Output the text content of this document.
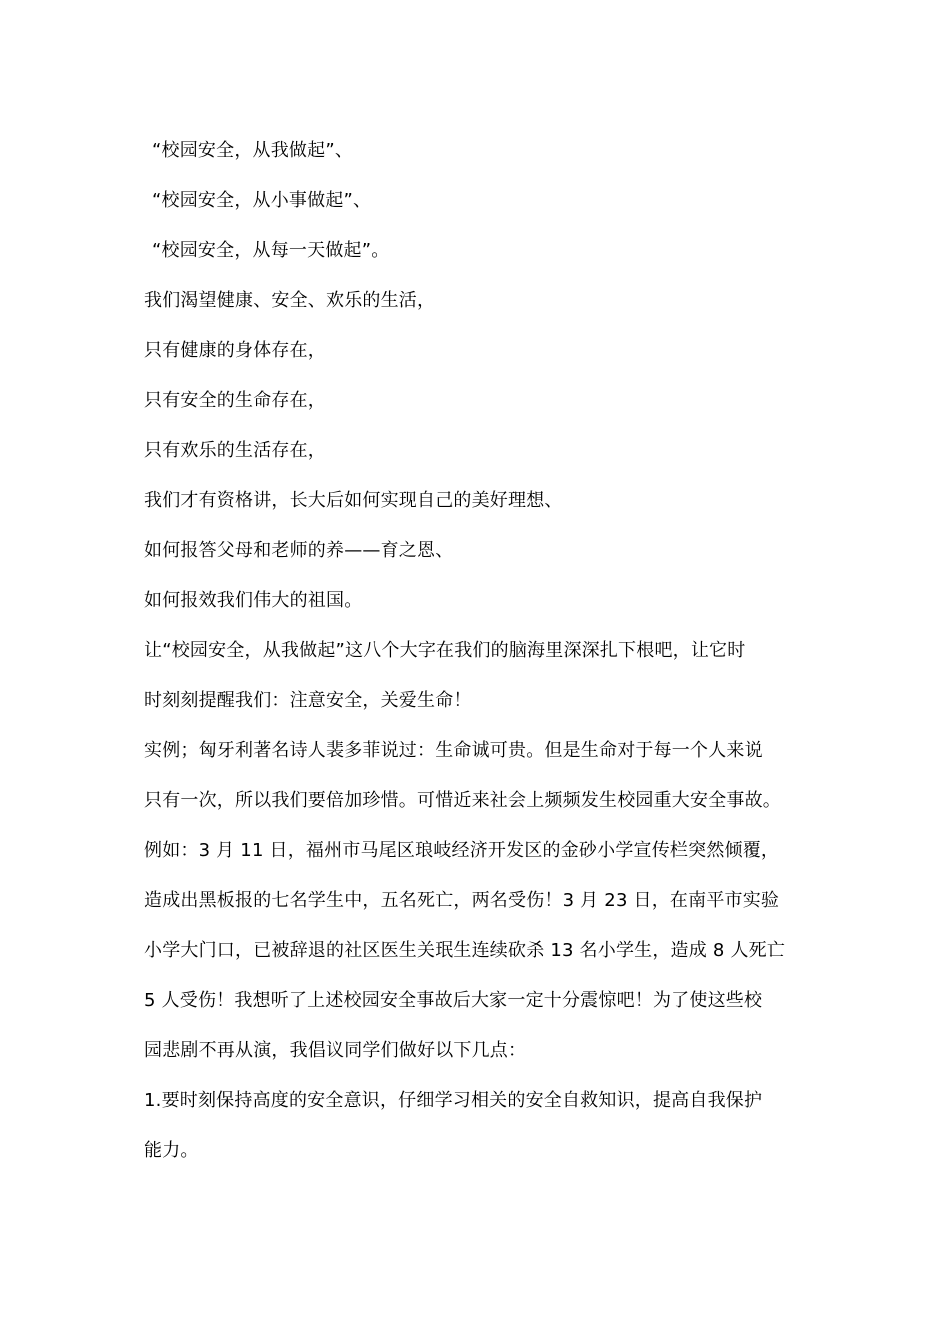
“校园安全，从我做起”、
“校园安全，从小事做起”、
“校园安全，从每一天做起”。
我们渴望健康、安全、欢乐的生活，
只有健康的身体存在，
只有安全的生命存在，
只有欢乐的生活存在，
我们才有资格讲，长大后如何实现自己的美好理想、
如何报答父母和老师的养——育之恩、
如何报效我们伟大的祖国。
让“校园安全，从我做起”这八个大字在我们的脑海里深深扎下根吧，让它时
时刻刻提醒我们：注意安全，关爱生命！
实例；匈牙利著名诗人裴多菲说过：生命诚可贵。但是生命对于每一个人来说
只有一次，所以我们要倍加珍惜。可惜近来社会上频频发生校园重大安全事故。
例如：3 月 11 日，福州市马尾区琅岐经济开发区的金砂小学宣传栏突然倾覆，
造成出黑板报的七名学生中，五名死亡，两名受伤！3 月 23 日，在南平市实验
小学大门口，已被辞退的社区医生关珉生连续砍杀 13 名小学生，造成 8 人死亡
5 人受伤！我想听了上述校园安全事故后大家一定十分震惊吧！为了使这些校
园悲剧不再从演，我倡议同学们做好以下几点：
1.要时刻保持高度的安全意识，仔细学习相关的安全自救知识，提高自我保护
能力。
